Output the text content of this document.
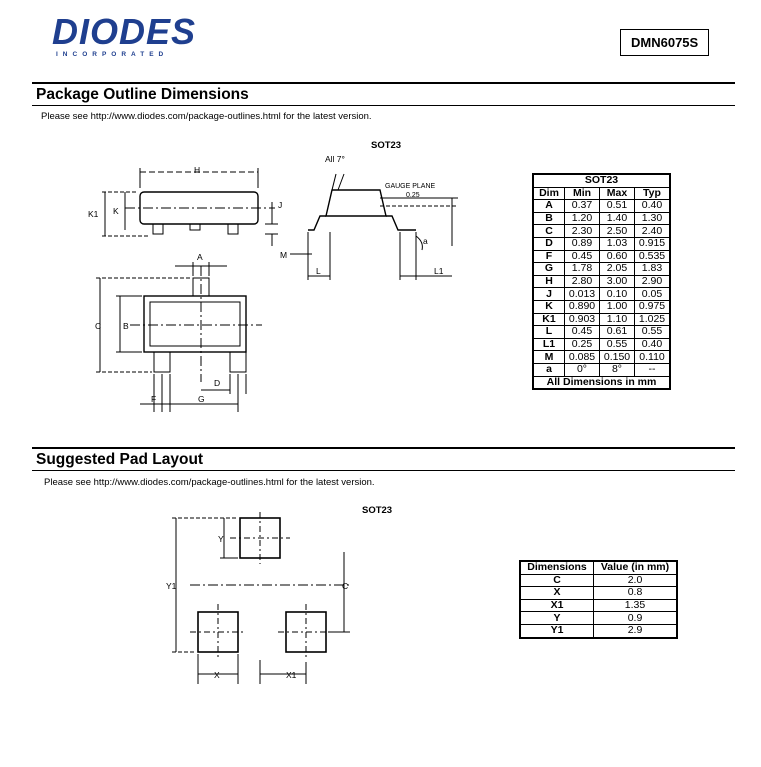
DIODES
INCORPORATED
DMN6075S
Package Outline Dimensions
Please see http://www.diodes.com/package-outlines.html for the latest version.
SOT23
H
K1 K
J
M
All 7°
GAUGE PLANE
0.25
a
L	L1
A
C	B
D
F	G
SOT23			
Dim	Min	Max	Typ
A	0.37	0.51	0.40
B	1.20	1.40	1.30
C	2.30	2.50	2.40
D	0.89	1.03	0.915
F	0.45	0.60	0.535
G	1.78	2.05	1.83
H	2.80	3.00	2.90
J	0.013	0.10	0.05
K	0.890	1.00	0.975
K1	0.903	1.10	1.025
L	0.45	0.61	0.55
L1	0.25	0.55	0.40
M	0.085	0.150	0.110
a	0°	8°	--
All Dimensions in mm			
Suggested Pad Layout
Please see http://www.diodes.com/package-outlines.html for the latest version.
SOT23
Y1
Y
C
X	X1
Dimensions	Value (in mm)
C	2.0
X	0.8
X1	1.35
Y	0.9
Y1	2.9
